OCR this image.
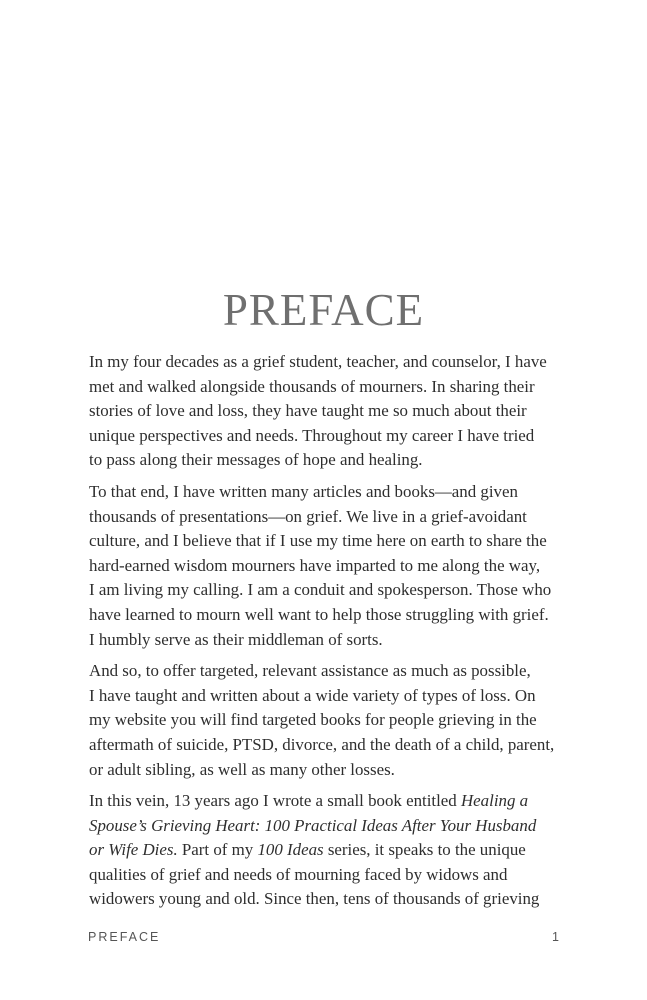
PREFACE

In my four decades as a grief student, teacher, and counselor, I have
met and walked alongside thousands of mourners. In sharing their
stories of love and loss, they have taught me so much about their
unique perspectives and needs. Throughout my career I have tried
to pass along their messages of hope and healing.

To that end, I have written many articles and books—and given
thousands of presentations—on grief. We live in a grief-avoidant
culture, and I believe that if I use my time here on earth to share the
hard-earned wisdom mourners have imparted to me along the way,
I am living my calling. I am a conduit and spokesperson. Those who
have learned to mourn well want to help those struggling with grief.
I humbly serve as their middleman of sorts.

And so, to offer targeted, relevant assistance as much as possible,
I have taught and written about a wide variety of types of loss. On
my website you will find targeted books for people grieving in the
aftermath of suicide, PTSD, divorce, and the death of a child, parent,
or adult sibling, as well as many other losses.

In this vein, 13 years ago I wrote a small book entitled Healing a
Spouse’s Grieving Heart: 100 Practical Ideas After Your Husband
or Wife Dies. Part of my 100 Ideas series, it speaks to the unique
qualities of grief and needs of mourning faced by widows and
widowers young and old. Since then, tens of thousands of grieving

PREFACE	1
